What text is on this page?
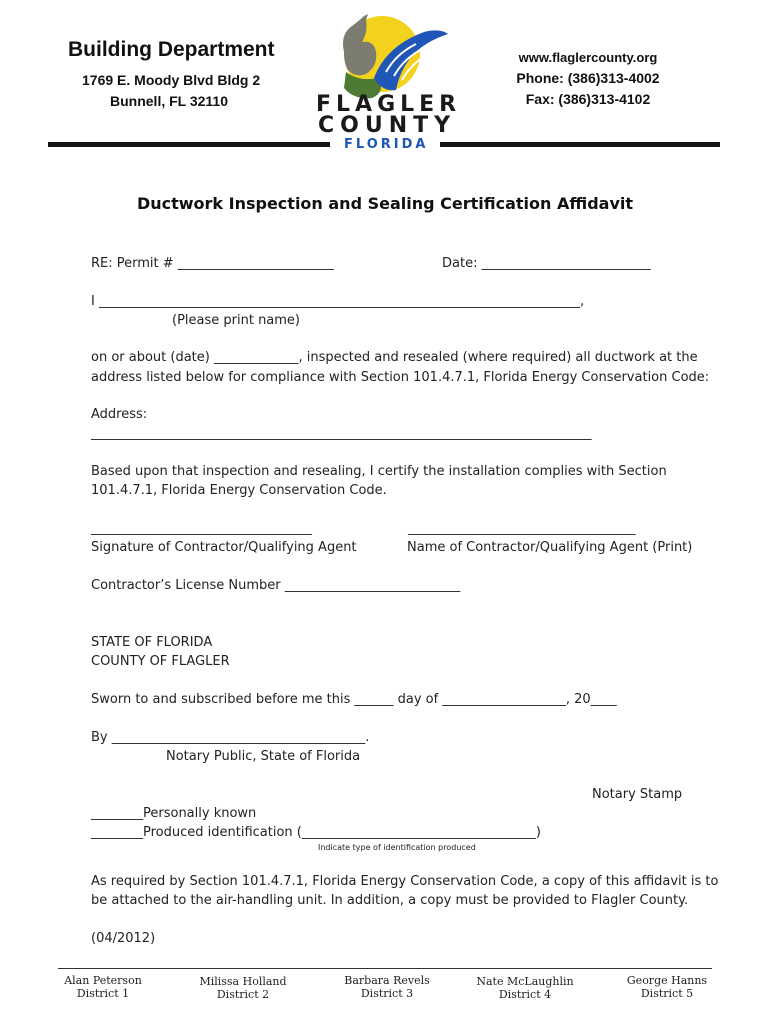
Building Department
1769 E. Moody Blvd Bldg 2
Bunnell, FL 32110
www.flaglercounty.org
Phone: (386)313-4002
Fax: (386)313-4102
FLAGLER
COUNTY
FLORIDA
Ductwork Inspection and Sealing Certification Affidavit
RE: Permit # ________________________	Date: __________________________
I __________________________________________________________________________,
(Please print name)
on or about (date) _____________, inspected and resealed (where required) all ductwork at the
address listed below for compliance with Section 101.4.7.1, Florida Energy Conservation Code:
Address:
_____________________________________________________________________________
Based upon that inspection and resealing, I certify the installation complies with Section
101.4.7.1, Florida Energy Conservation Code.
__________________________________	___________________________________
Signature of Contractor/Qualifying Agent	Name of Contractor/Qualifying Agent (Print)
Contractor’s License Number ___________________________
STATE OF FLORIDA
COUNTY OF FLAGLER
Sworn to and subscribed before me this ______ day of ___________________, 20____
By _______________________________________.
Notary Public, State of Florida
Notary Stamp
________Personally known
________Produced identification (____________________________________)
Indicate type of identification produced
As required by Section 101.4.7.1, Florida Energy Conservation Code, a copy of this affidavit is to
be attached to the air-handling unit. In addition, a copy must be provided to Flagler County.
(04/2012)
Alan Peterson
District 1
Milissa Holland
District 2
Barbara Revels
District 3
Nate McLaughlin
District 4
George Hanns
District 5
